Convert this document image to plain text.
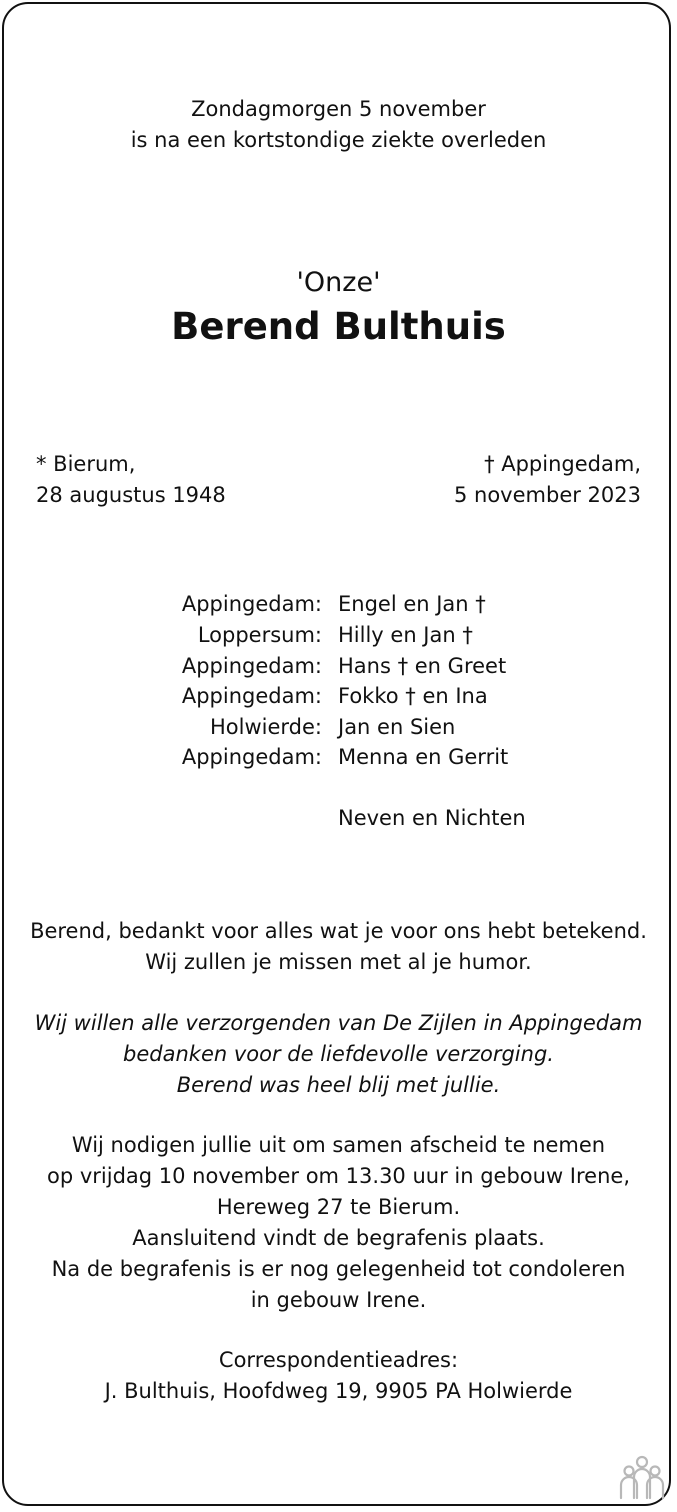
Zondagmorgen 5 november
is na een kortstondige ziekte overleden
'Onze'
Berend Bulthuis
* Bierum,
28 augustus 1948
† Appingedam,
5 november 2023
Appingedam: Engel en Jan †
Loppersum: Hilly en Jan †
Appingedam: Hans † en Greet
Appingedam: Fokko † en Ina
Holwierde: Jan en Sien
Appingedam: Menna en Gerrit
Neven en Nichten
Berend, bedankt voor alles wat je voor ons hebt betekend.
Wij zullen je missen met al je humor.
Wij willen alle verzorgenden van De Zijlen in Appingedam
bedanken voor de liefdevolle verzorging.
Berend was heel blij met jullie.
Wij nodigen jullie uit om samen afscheid te nemen
op vrijdag 10 november om 13.30 uur in gebouw Irene,
Hereweg 27 te Bierum.
Aansluitend vindt de begrafenis plaats.
Na de begrafenis is er nog gelegenheid tot condoleren
in gebouw Irene.
Correspondentieadres:
J. Bulthuis, Hoofdweg 19, 9905 PA Holwierde
